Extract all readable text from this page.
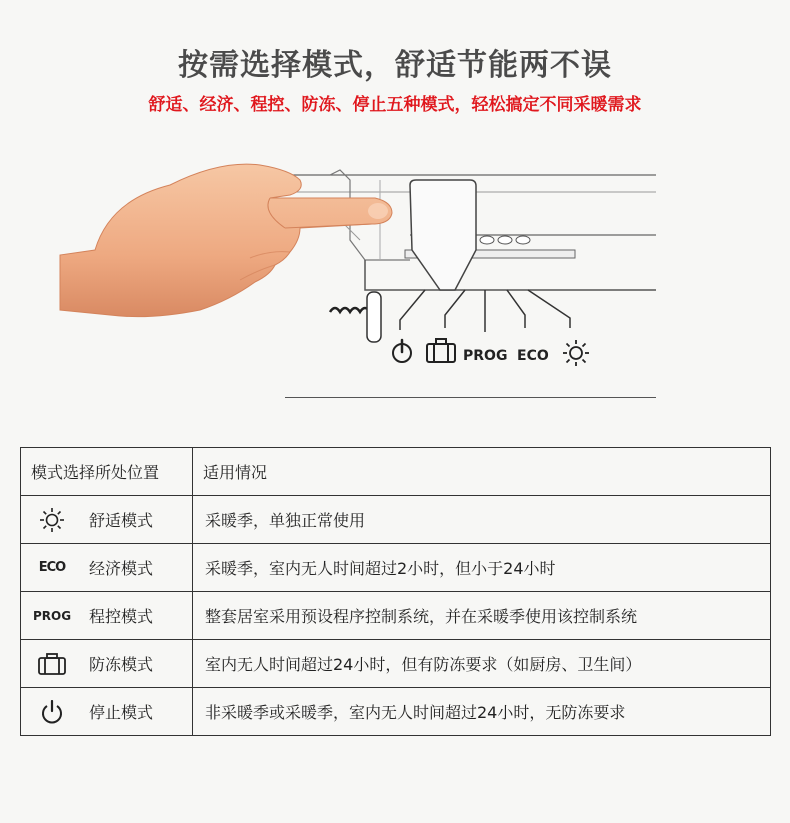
按需选择模式，舒适节能两不误
舒适、经济、程控、防冻、停止五种模式，轻松搞定不同采暖需求
PROG ECO
模式选择所处位置	适用情况

舒适模式	采暖季，单独正常使用

ECO 经济模式	采暖季，室内无人时间超过2小时，但小于24小时

PROG 程控模式	整套居室采用预设程序控制系统，并在采暖季使用该控制系统

防冻模式	室内无人时间超过24小时，但有防冻要求（如厨房、卫生间）

停止模式	非采暖季或采暖季，室内无人时间超过24小时，无防冻要求
